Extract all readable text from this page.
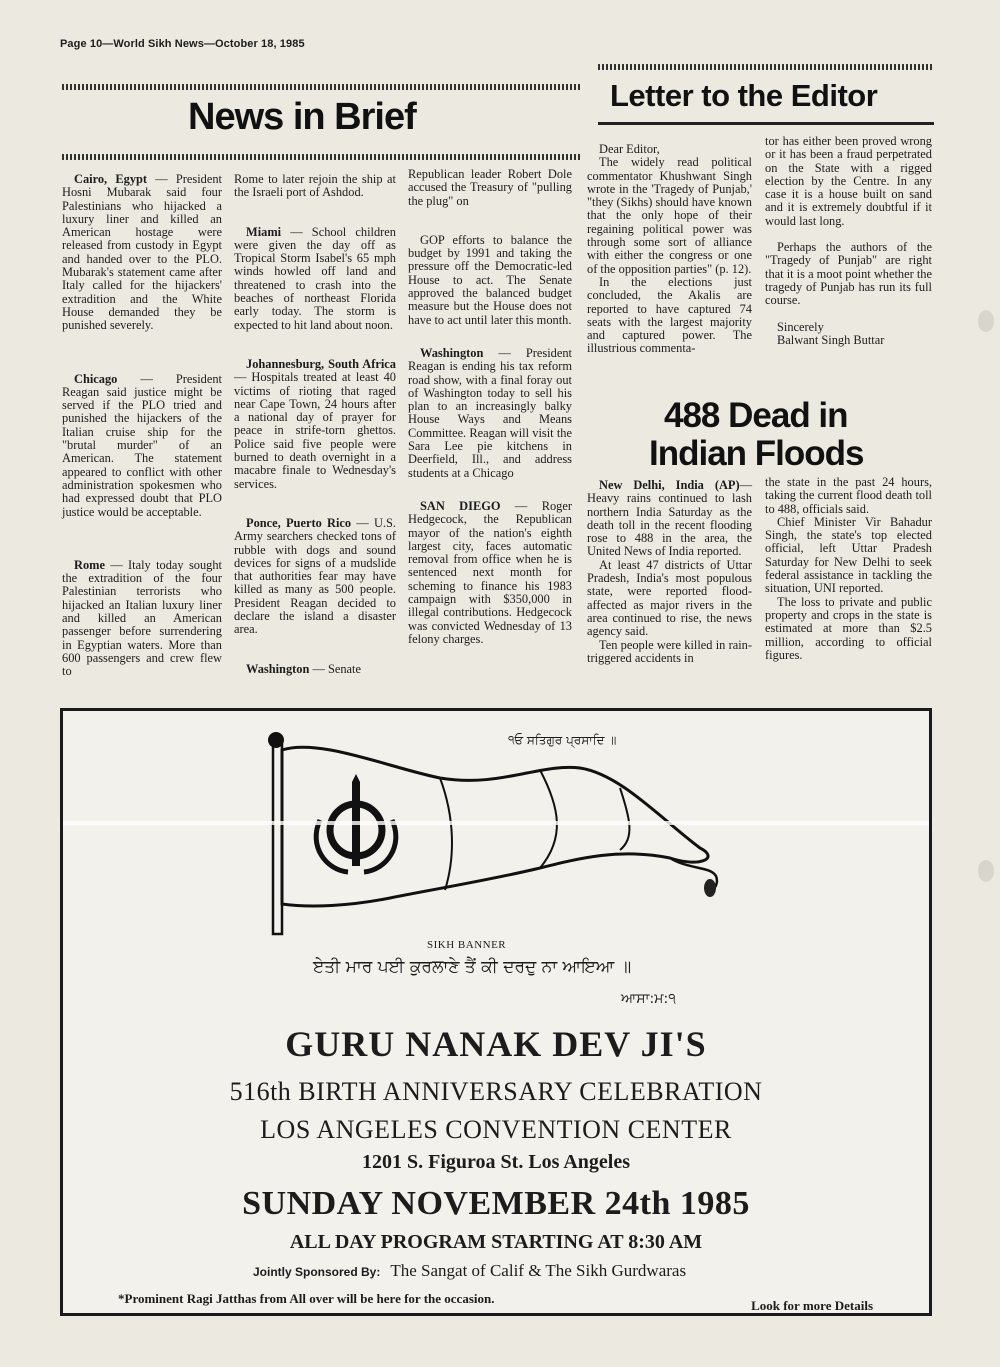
Page 10—World Sikh News—October 18, 1985
News in Brief

Cairo, Egypt — President Hosni Mubarak said four Palestinians who hijacked a luxury liner and killed an American hostage were released from custody in Egypt and handed over to the PLO. Mubarak's statement came after Italy called for the hijackers' extradition and the White House demanded they be punished severely.

Chicago — President Reagan said justice might be served if the PLO tried and punished the hijackers of the Italian cruise ship for the "brutal murder" of an American. The statement appeared to conflict with other administration spokesmen who had expressed doubt that PLO justice would be acceptable.

Rome — Italy today sought the extradition of the four Palestinian terrorists who hijacked an Italian luxury liner and killed an American passenger before surrendering in Egyptian waters. More than 600 passengers and crew flew to

Rome to later rejoin the ship at the Israeli port of Ashdod.

Miami — School children were given the day off as Tropical Storm Isabel's 65 mph winds howled off land and threatened to crash into the beaches of northeast Florida early today. The storm is expected to hit land about noon.

Johannesburg, South Africa — Hospitals treated at least 40 victims of rioting that raged near Cape Town, 24 hours after a national day of prayer for peace in strife-torn ghettos. Police said five people were burned to death overnight in a macabre finale to Wednesday's services.

Ponce, Puerto Rico — U.S. Army searchers checked tons of rubble with dogs and sound devices for signs of a mudslide that authorities fear may have killed as many as 500 people. President Reagan decided to declare the island a disaster area.

Washington — Senate

Republican leader Robert Dole accused the Treasury of "pulling the plug" on

GOP efforts to balance the budget by 1991 and taking the pressure off the Democratic-led House to act. The Senate approved the balanced budget measure but the House does not have to act until later this month.

Washington — President Reagan is ending his tax reform road show, with a final foray out of Washington today to sell his plan to an increasingly balky House Ways and Means Committee. Reagan will visit the Sara Lee pie kitchens in Deerfield, Ill., and address students at a Chicago

SAN DIEGO — Roger Hedgecock, the Republican mayor of the nation's eighth largest city, faces automatic removal from office when he is sentenced next month for scheming to finance his 1983 campaign with $350,000 in illegal contributions. Hedgecock was convicted Wednesday of 13 felony charges.

Letter to the Editor

Dear Editor,

The widely read political commentator Khushwant Singh wrote in the 'Tragedy of Punjab,' "they (Sikhs) should have known that the only hope of their regaining political power was through some sort of alliance with either the congress or one of the opposition parties" (p. 12).

In the elections just concluded, the Akalis are reported to have captured 74 seats with the largest majority and captured power. The illustrious commenta-

tor has either been proved wrong or it has been a fraud perpetrated on the State with a rigged election by the Centre. In any case it is a house built on sand and it is extremely doubtful if it would last long.

Perhaps the authors of the "Tragedy of Punjab" are right that it is a moot point whether the tragedy of Punjab has run its full course.

Sincerely

Balwant Singh Buttar

488 Dead in
Indian Floods

New Delhi, India (AP)— Heavy rains continued to lash northern India Saturday as the death toll in the recent flooding rose to 488 in the area, the United News of India reported.

At least 47 districts of Uttar Pradesh, India's most populous state, were reported flood-affected as major rivers in the area continued to rise, the news agency said.

Ten people were killed in rain-triggered accidents in

the state in the past 24 hours, taking the current flood death toll to 488, officials said.

Chief Minister Vir Bahadur Singh, the state's top elected official, left Uttar Pradesh Saturday for New Delhi to seek federal assistance in tackling the situation, UNI reported.

The loss to private and public property and crops in the state is estimated at more than $2.5 million, according to official figures.

੧ਓ ਸਤਿਗੁਰ ਪ੍ਰਸਾਦਿ ॥
SIKH BANNER
ਏਤੀ ਮਾਰ ਪਈ ਕੁਰਲਾਣੇ ਤੈਂ ਕੀ ਦਰਦੁ ਨਾ ਆਇਆ ॥
ਆਸਾ:ਮ:੧
GURU NANAK DEV JI'S
516th BIRTH ANNIVERSARY CELEBRATION
LOS ANGELES CONVENTION CENTER
1201 S. Figuroa St. Los Angeles
SUNDAY NOVEMBER 24th 1985
ALL DAY PROGRAM STARTING AT 8:30 AM
Jointly Sponsored By: The Sangat of Calif & The Sikh Gurdwaras
*Prominent Ragi Jatthas from All over will be here for the occasion.	Look for more Details
